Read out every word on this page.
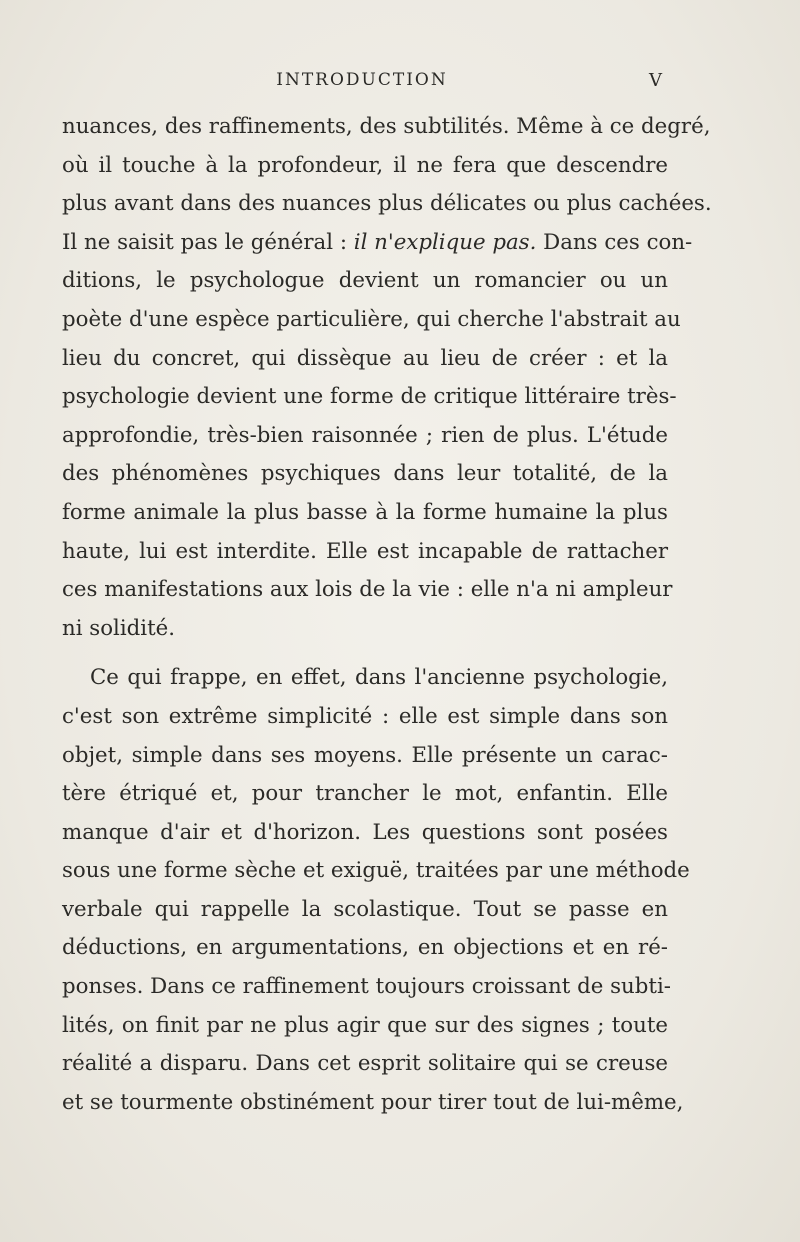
INTRODUCTION	V
nuances, des raffinements, des subtilités. Même à ce degré,
où il touche à la profondeur, il ne fera que descendre
plus avant dans des nuances plus délicates ou plus cachées.
Il ne saisit pas le général : il n'explique pas. Dans ces con-
ditions, le psychologue devient un romancier ou un
poète d'une espèce particulière, qui cherche l'abstrait au
lieu du concret, qui dissèque au lieu de créer : et la
psychologie devient une forme de critique littéraire très-
approfondie, très-bien raisonnée ; rien de plus. L'étude
des phénomènes psychiques dans leur totalité, de la
forme animale la plus basse à la forme humaine la plus
haute, lui est interdite. Elle est incapable de rattacher
ces manifestations aux lois de la vie : elle n'a ni ampleur
ni solidité.
Ce qui frappe, en effet, dans l'ancienne psychologie,
c'est son extrême simplicité : elle est simple dans son
objet, simple dans ses moyens. Elle présente un carac-
tère étriqué et, pour trancher le mot, enfantin. Elle
manque d'air et d'horizon. Les questions sont posées
sous une forme sèche et exiguë, traitées par une méthode
verbale qui rappelle la scolastique. Tout se passe en
déductions, en argumentations, en objections et en ré-
ponses. Dans ce raffinement toujours croissant de subti-
lités, on finit par ne plus agir que sur des signes ; toute
réalité a disparu. Dans cet esprit solitaire qui se creuse
et se tourmente obstinément pour tirer tout de lui-même,
